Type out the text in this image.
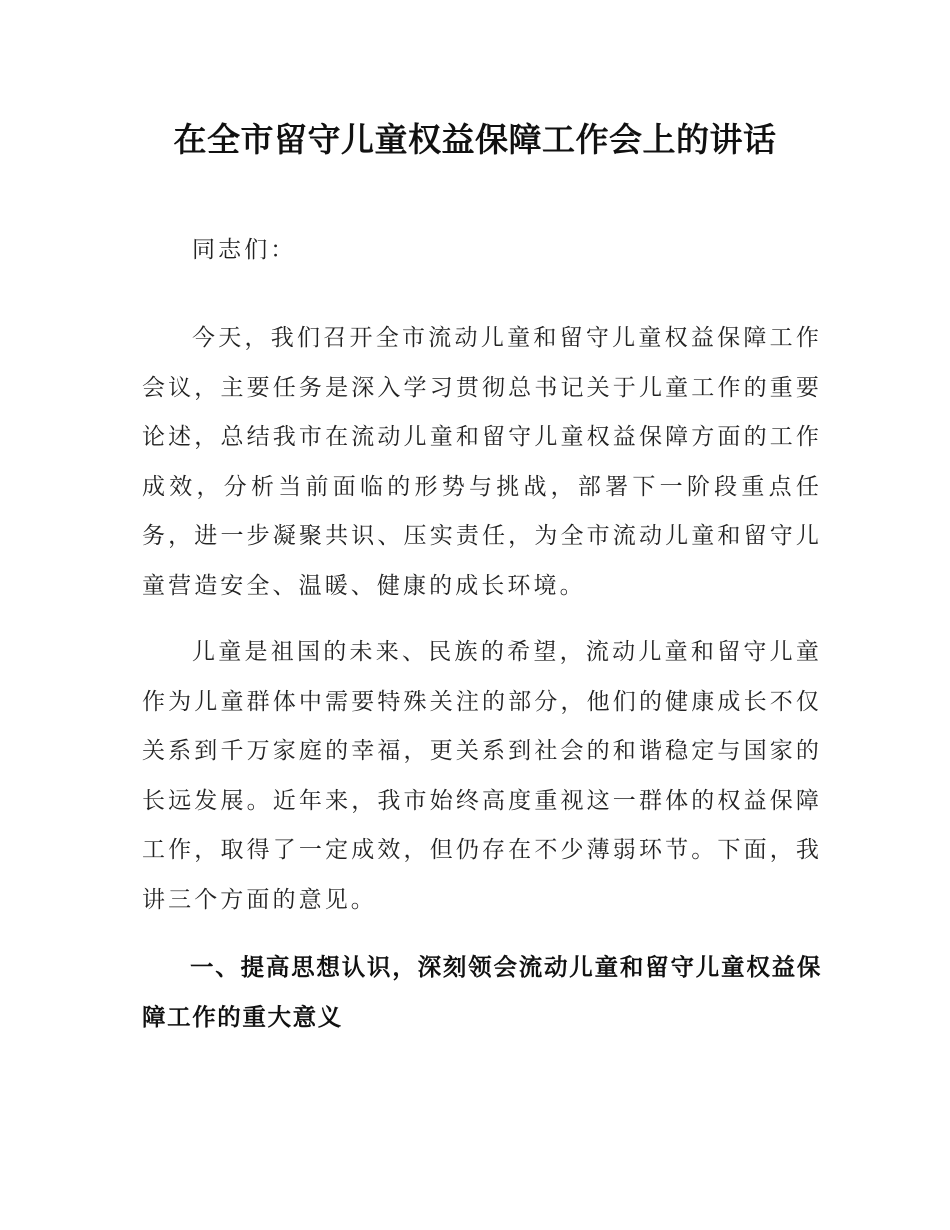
在全市留守儿童权益保障工作会上的讲话

同志们：

今天，我们召开全市流动儿童和留守儿童权益保障工作会议，主要任务是深入学习贯彻总书记关于儿童工作的重要论述，总结我市在流动儿童和留守儿童权益保障方面的工作成效，分析当前面临的形势与挑战，部署下一阶段重点任务，进一步凝聚共识、压实责任，为全市流动儿童和留守儿童营造安全、温暖、健康的成长环境。

儿童是祖国的未来、民族的希望，流动儿童和留守儿童作为儿童群体中需要特殊关注的部分，他们的健康成长不仅关系到千万家庭的幸福，更关系到社会的和谐稳定与国家的长远发展。近年来，我市始终高度重视这一群体的权益保障工作，取得了一定成效，但仍存在不少薄弱环节。下面，我讲三个方面的意见。

一、提高思想认识，深刻领会流动儿童和留守儿童权益保障工作的重大意义
